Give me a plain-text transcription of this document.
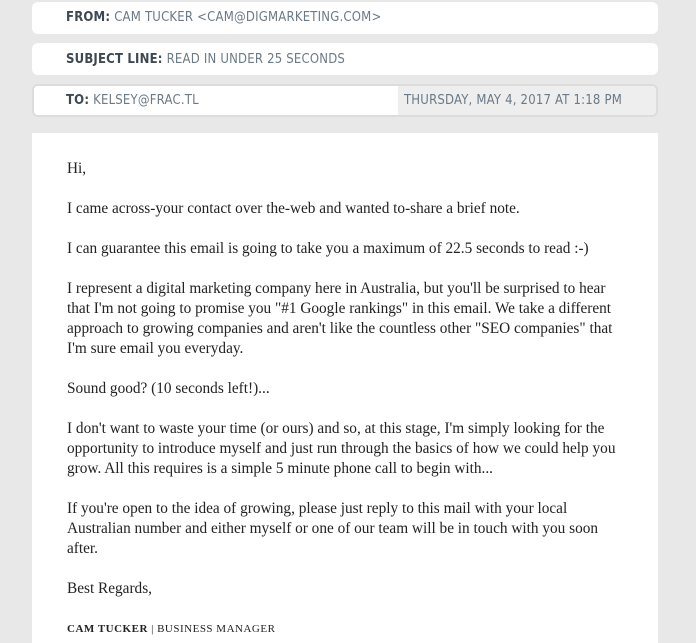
FROM: CAM TUCKER <CAM@DIGMARKETING.COM>
SUBJECT LINE: READ IN UNDER 25 SECONDS
TO: KELSEY@FRAC.TL	THURSDAY, MAY 4, 2017 AT 1:18 PM

Hi,

I came across-your contact over the-web and wanted to-share a brief note.

I can guarantee this email is going to take you a maximum of 22.5 seconds to read :-)

I represent a digital marketing company here in Australia, but you'll be surprised to hear that I'm not going to promise you "#1 Google rankings" in this email. We take a different approach to growing companies and aren't like the countless other "SEO companies" that I'm sure email you everyday.

Sound good? (10 seconds left!)...

I don't want to waste your time (or ours) and so, at this stage, I'm simply looking for the opportunity to introduce myself and just run through the basics of how we could help you grow. All this requires is a simple 5 minute phone call to begin with...

If you're open to the idea of growing, please just reply to this mail with your local Australian number and either myself or one of our team will be in touch with you soon after.

Best Regards,

CAM TUCKER | BUSINESS MANAGER
